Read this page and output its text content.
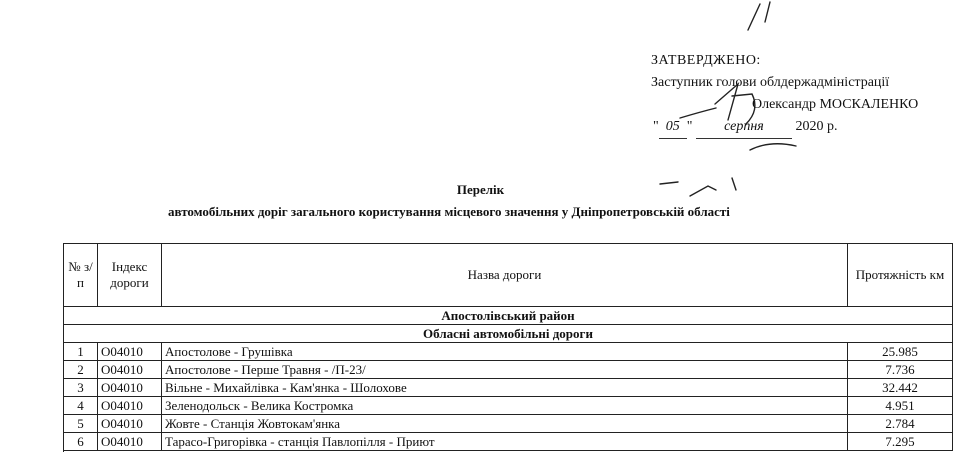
ЗАТВЕРДЖЕНО:
Заступник голови облдержадміністрації
Олександр МОСКАЛЕНКО
" 05 " серпня 2020 р.
Перелік
автомобільних доріг загального користування місцевого значення у Дніпропетровській області
№ з/п	Індекс дороги	Назва дороги	Протяжність км
Апостолівський район			
Обласні автомобільні дороги			
1	О04010	Апостолове - Грушівка	25.985
2	О04010	Апостолове - Перше Травня - /П-23/	7.736
3	О04010	Вільне - Михайлівка - Кам'янка - Шолохове	32.442
4	О04010	Зеленодольск - Велика Костромка	4.951
5	О04010	Жовте - Станція Жовтокам'янка	2.784
6	О04010	Тарасо-Григорівка - станція Павлопілля - Приют	7.295
